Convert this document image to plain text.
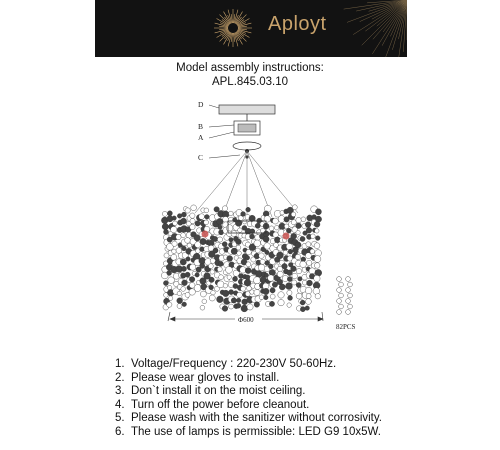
Aployt
Model assembly instructions:
APL.845.03.10
D
B
A
C
Φ600
82PCS
1. Voltage/Frequency : 220-230V 50-60Hz.
2. Please wear gloves to install.
3. Don`t install it on the moist ceiling.
4. Turn off the power before cleanout.
5. Please wash with the sanitizer without corrosivity.
6. The use of lamps is permissible: LED G9 10x5W.
